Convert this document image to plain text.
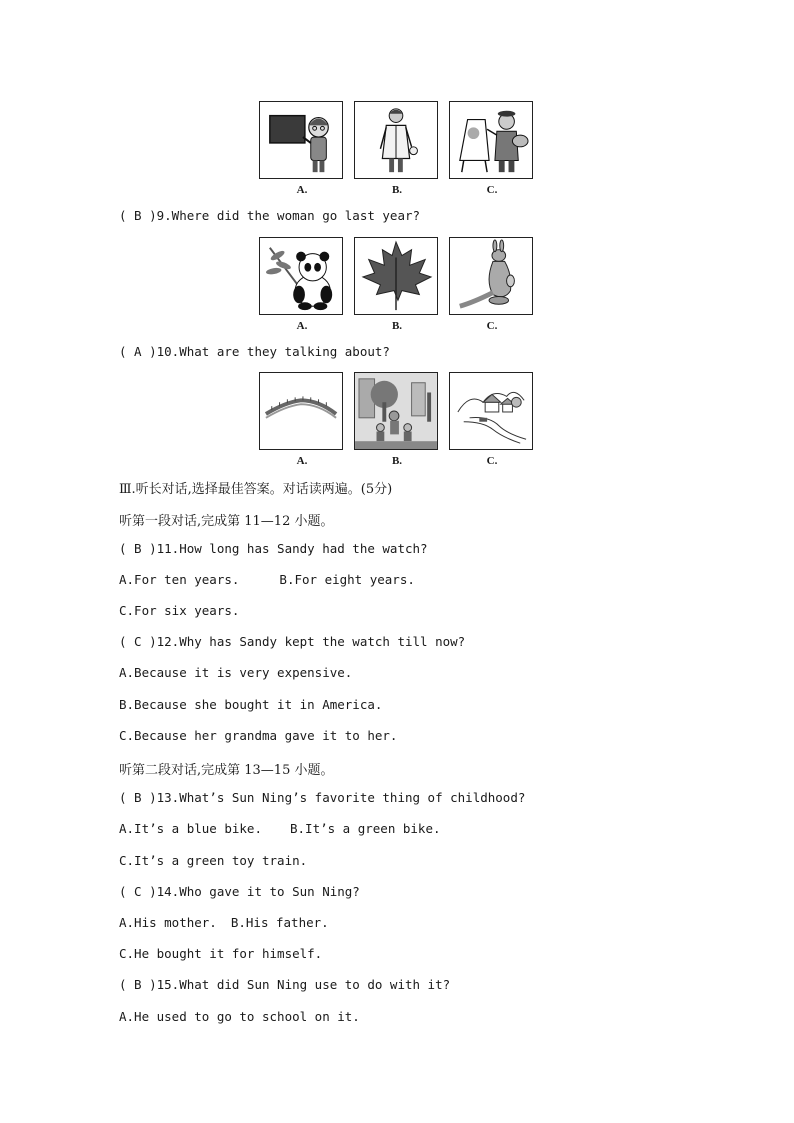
A.	B.	C.
( B )9.Where did the woman go last year?
A.	B.	C.
( A )10.What are they talking about?
A.	B.	C.
Ⅲ.听长对话,选择最佳答案。对话读两遍。(5分)
听第一段对话,完成第 11—12 小题。
( B )11.How long has Sandy had the watch?
A.For ten years.	B.For eight years.
C.For six years.
( C )12.Why has Sandy kept the watch till now?
A.Because it is very expensive.
B.Because she bought it in America.
C.Because her grandma gave it to her.
听第二段对话,完成第 13—15 小题。
( B )13.What’s Sun Ning’s favorite thing of childhood?
A.It’s a blue bike. B.It’s a green bike.
C.It’s a green toy train.
( C )14.Who gave it to Sun Ning?
A.His mother. B.His father.
C.He bought it for himself.
( B )15.What did Sun Ning use to do with it?
A.He used to go to school on it.
